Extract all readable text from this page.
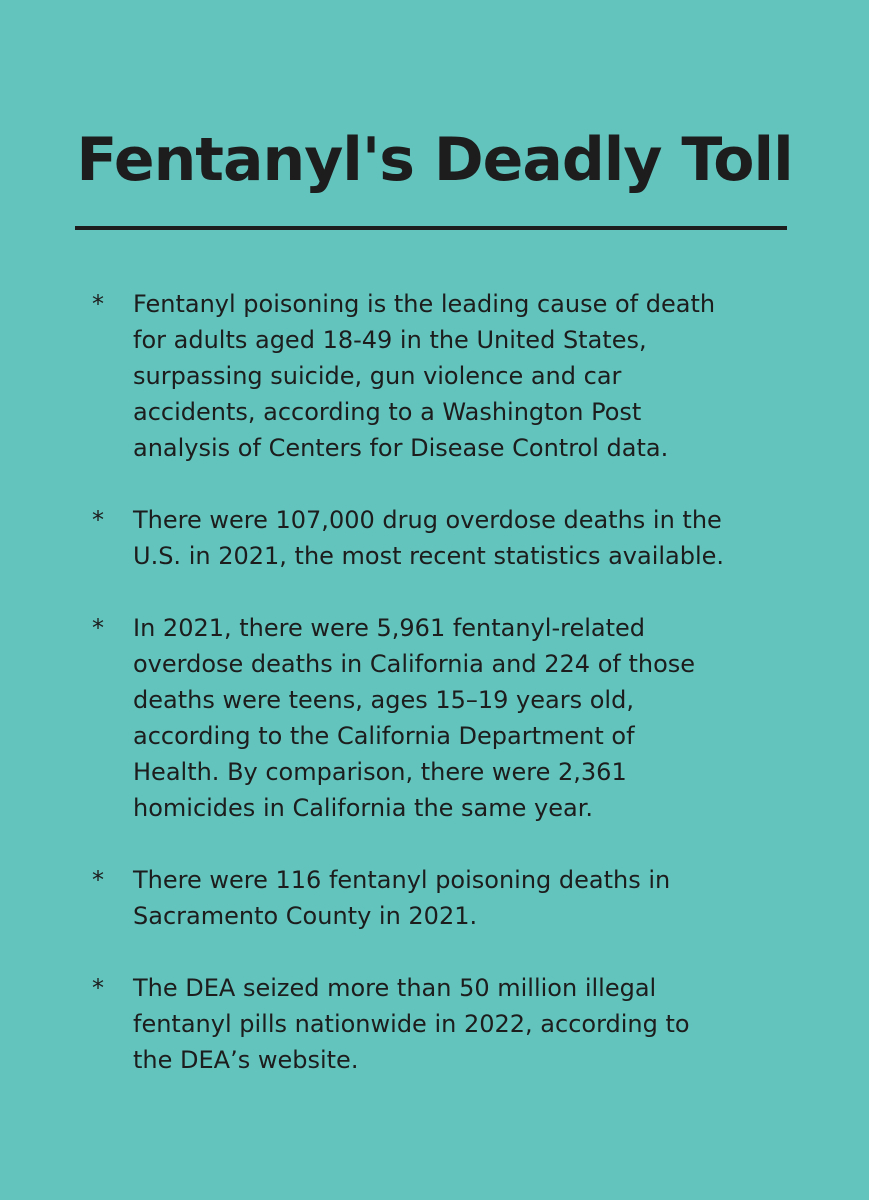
Fentanyl's Deadly Toll
* Fentanyl poisoning is the leading cause of death
for adults aged 18-49 in the United States,
surpassing suicide, gun violence and car
accidents, according to a Washington Post
analysis of Centers for Disease Control data.
* There were 107,000 drug overdose deaths in the
U.S. in 2021, the most recent statistics available.
* In 2021, there were 5,961 fentanyl-related
overdose deaths in California and 224 of those
deaths were teens, ages 15–19 years old,
according to the California Department of
Health. By comparison, there were 2,361
homicides in California the same year.
* There were 116 fentanyl poisoning deaths in
Sacramento County in 2021.
* The DEA seized more than 50 million illegal
fentanyl pills nationwide in 2022, according to
the DEA’s website.
